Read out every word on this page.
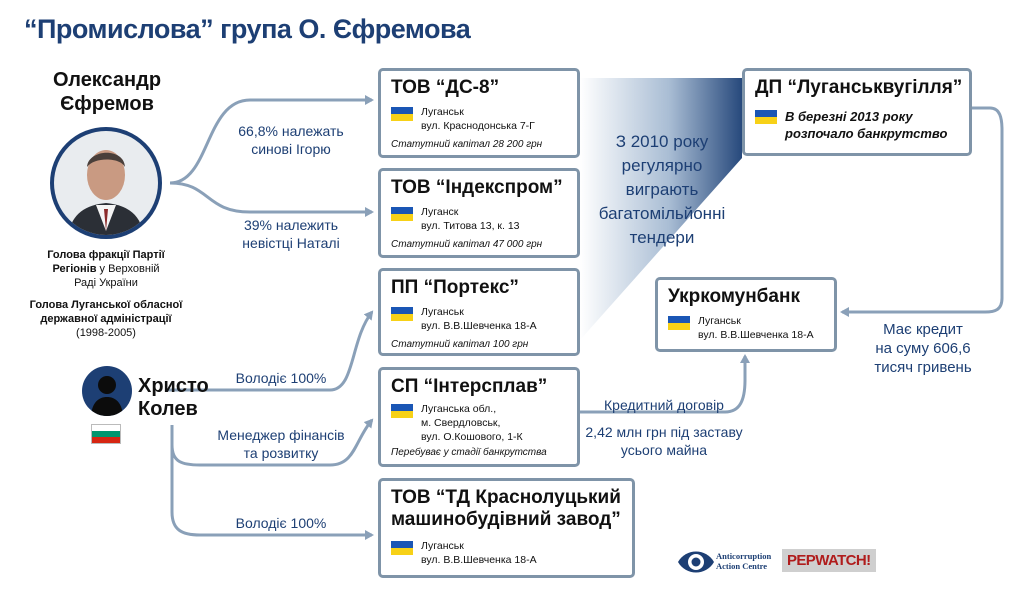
“Промислова” група О. Єфремова
Олександр
Єфремов
Голова фракції Партії
Регіонів у Верховній
Раді України
Голова Луганської обласної
державної адміністрації
(1998-2005)
Христо
Колев
66,8% належать
синові Ігорю
39% належить
невістці Наталі
Володіє 100%
Менеджер фінансів
та розвитку
Володіє 100%
Кредитний договір
2,42 млн грн під заставу
усього майна
Має кредит
на суму 606,6
тисяч гривень
З 2010 року
регулярно
виграють
багатомільйонні
тендери
ТОВ “ДС-8”
Луганськ
вул. Краснодонська 7-Г
Статутний капітал 28 200 грн
ТОВ “Індекспром”
Луганск
вул. Титова 13, к. 13
Статутний капітал 47 000 грн
ПП “Портекс”
Луганськ
вул. В.В.Шевченка 18-А
Статутний капітал 100 грн
СП “Інтерсплав”
Луганська обл.,
м. Свердловськ,
вул. О.Кошового, 1-К
Перебуває у стадії банкрутства
ТОВ “ТД Краснолуцький
машинобудівний завод”
Луганськ
вул. В.В.Шевченка 18-А
ДП “Луганськвугілля”
В березні 2013 року
розпочало банкрутство
Укркомунбанк
Луганськ
вул. В.В.Шевченка 18-А
Anticorruption
Action Centre	PEPWATCH!
